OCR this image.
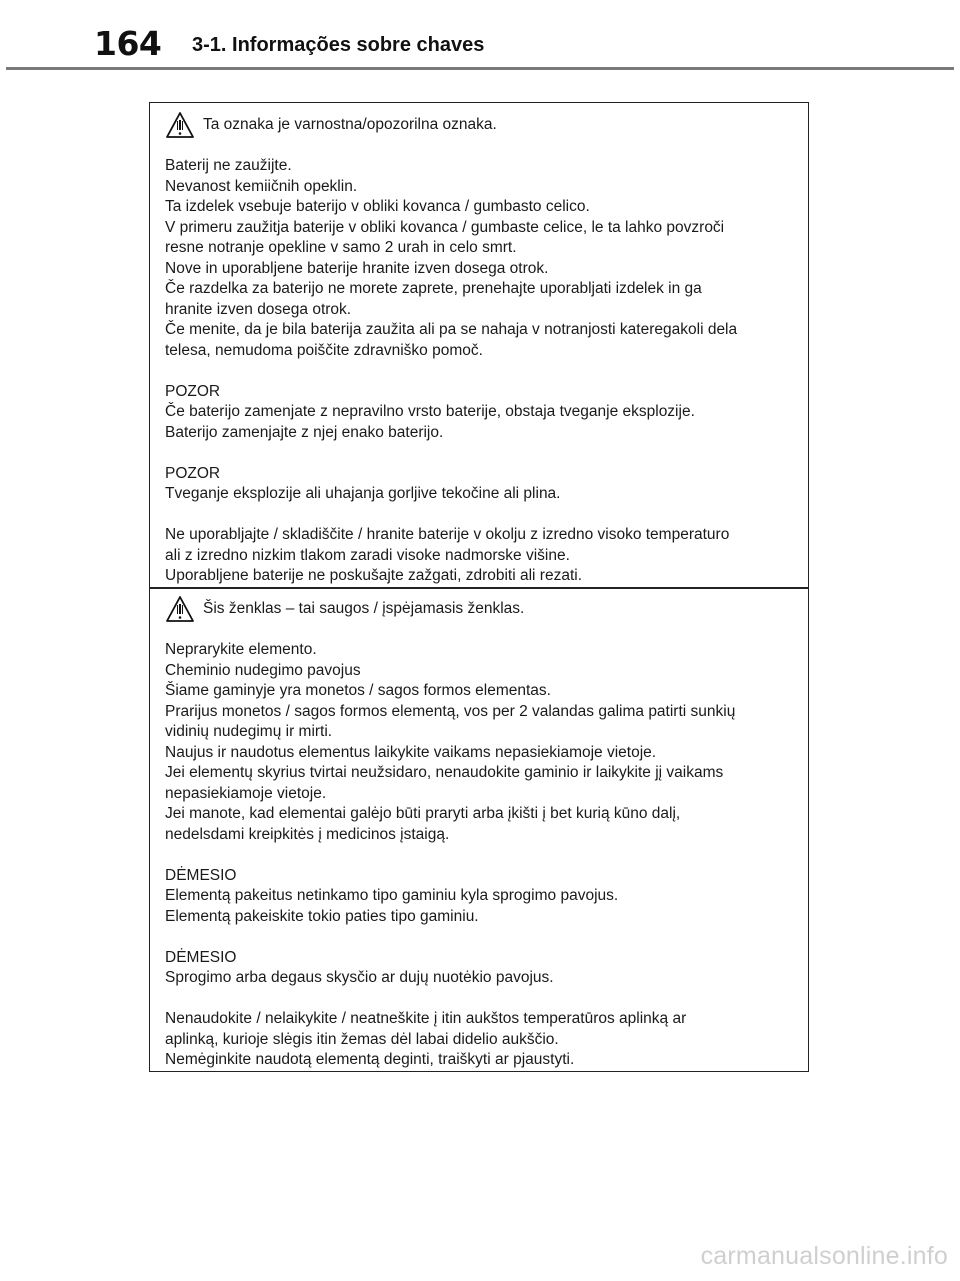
164 3-1. Informações sobre chaves
Ta oznaka je varnostna/opozorilna oznaka.
Baterij ne zaužijte.
Nevanost kemiičnih opeklin.
Ta izdelek vsebuje baterijo v obliki kovanca / gumbasto celico.
V primeru zaužitja baterije v obliki kovanca / gumbaste celice, le ta lahko povzroči
resne notranje opekline v samo 2 urah in celo smrt.
Nove in uporabljene baterije hranite izven dosega otrok.
Če razdelka za baterijo ne morete zaprete, prenehajte uporabljati izdelek in ga
hranite izven dosega otrok.
Če menite, da je bila baterija zaužita ali pa se nahaja v notranjosti kateregakoli dela
telesa, nemudoma poiščite zdravniško pomoč.
POZOR
Če baterijo zamenjate z nepravilno vrsto baterije, obstaja tveganje eksplozije.
Baterijo zamenjajte z njej enako baterijo.
POZOR
Tveganje eksplozije ali uhajanja gorljive tekočine ali plina.
Ne uporabljajte / skladiščite / hranite baterije v okolju z izredno visoko temperaturo
ali z izredno nizkim tlakom zaradi visoke nadmorske višine.
Uporabljene baterije ne poskušajte zažgati, zdrobiti ali rezati.
Šis ženklas – tai saugos / įspėjamasis ženklas.
Neprarykite elemento.
Cheminio nudegimo pavojus
Šiame gaminyje yra monetos / sagos formos elementas.
Prarijus monetos / sagos formos elementą, vos per 2 valandas galima patirti sunkių
vidinių nudegimų ir mirti.
Naujus ir naudotus elementus laikykite vaikams nepasiekiamoje vietoje.
Jei elementų skyrius tvirtai neužsidaro, nenaudokite gaminio ir laikykite jį vaikams
nepasiekiamoje vietoje.
Jei manote, kad elementai galėjo būti praryti arba įkišti į bet kurią kūno dalį,
nedelsdami kreipkitės į medicinos įstaigą.
DĖMESIO
Elementą pakeitus netinkamo tipo gaminiu kyla sprogimo pavojus.
Elementą pakeiskite tokio paties tipo gaminiu.
DĖMESIO
Sprogimo arba degaus skysčio ar dujų nuotėkio pavojus.
Nenaudokite / nelaikykite / neatneškite į itin aukštos temperatūros aplinką ar
aplinką, kurioje slėgis itin žemas dėl labai didelio aukščio.
Nemėginkite naudotą elementą deginti, traiškyti ar pjaustyti.
carmanualsonline.info
